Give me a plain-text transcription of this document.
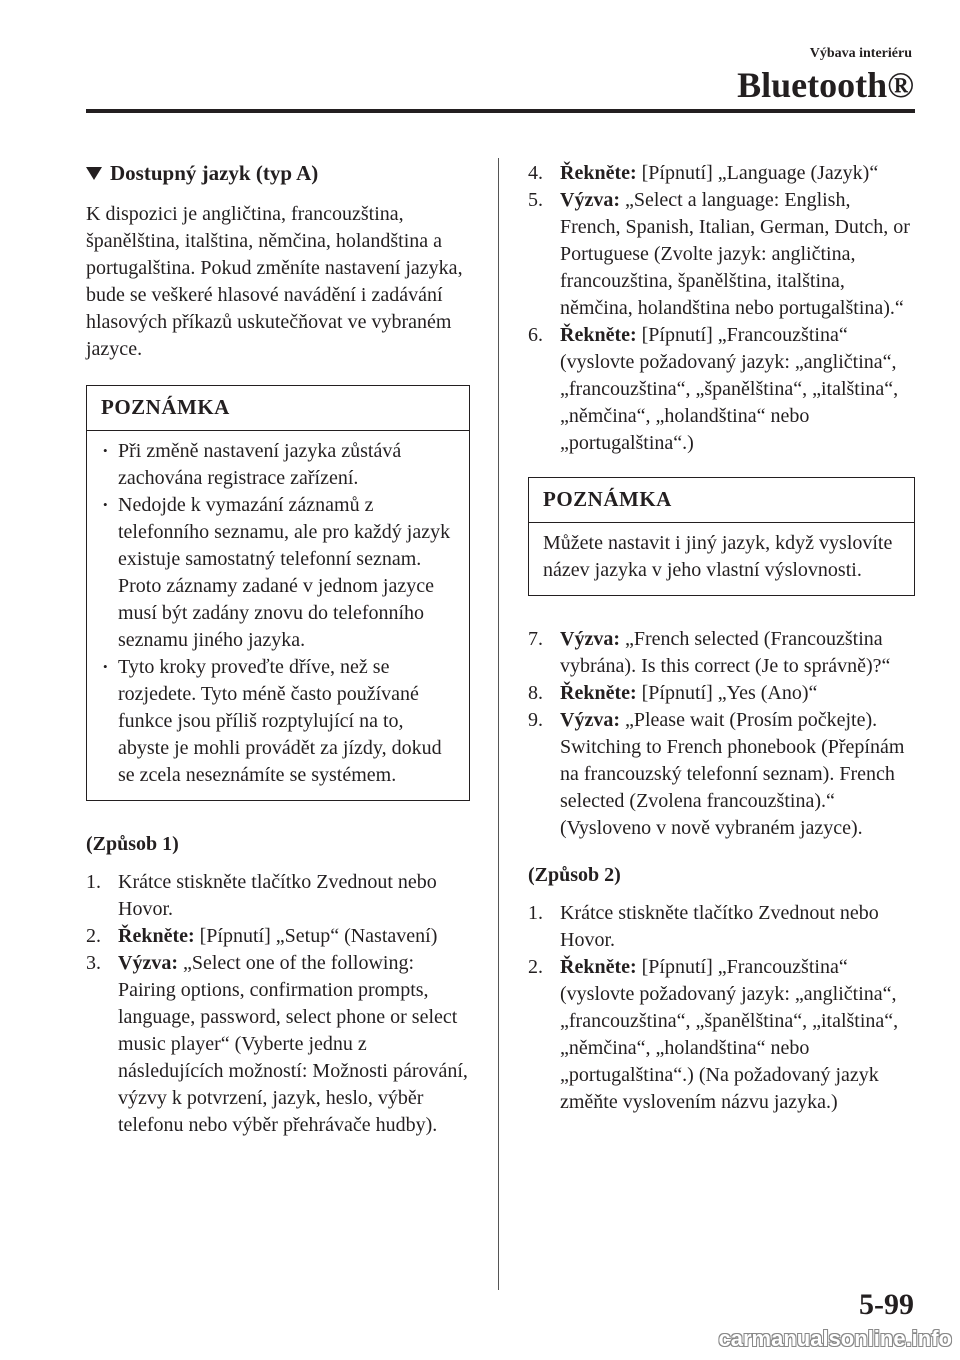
Výbava interiéru
Bluetooth®
Dostupný jazyk (typ A)

K dispozici je angličtina, francouzština, španělština, italština, němčina, holandština a portugalština. Pokud změníte nastavení jazyka, bude se veškeré hlasové navádění i zadávání hlasových příkazů uskutečňovat ve vybraném jazyce.

POZNÁMKA
• Při změně nastavení jazyka zůstává zachována registrace zařízení.
• Nedojde k vymazání záznamů z telefonního seznamu, ale pro každý jazyk existuje samostatný telefonní seznam. Proto záznamy zadané v jednom jazyce musí být zadány znovu do telefonního seznamu jiného jazyka.
• Tyto kroky proveďte dříve, než se rozjedete. Tyto méně často používané funkce jsou příliš rozptylující na to, abyste je mohli provádět za jízdy, dokud se zcela neseznámíte se systémem.
(Způsob 1)
1. Krátce stiskněte tlačítko Zvednout nebo Hovor.
2. Řekněte: [Pípnutí] „Setup“ (Nastavení)
3. Výzva: „Select one of the following: Pairing options, confirmation prompts, language, password, select phone or select music player“ (Vyberte jednu z následujících možností: Možnosti párování, výzvy k potvrzení, jazyk, heslo, výběr telefonu nebo výběr přehrávače hudby).
4. Řekněte: [Pípnutí] „Language (Jazyk)“
5. Výzva: „Select a language: English, French, Spanish, Italian, German, Dutch, or Portuguese (Zvolte jazyk: angličtina, francouzština, španělština, italština, němčina, holandština nebo portugalština).“
6. Řekněte: [Pípnutí] „Francouzština“ (vyslovte požadovaný jazyk: „angličtina“, „francouzština“, „španělština“, „italština“, „němčina“, „holandština“ nebo „portugalština“.)
POZNÁMKA
Můžete nastavit i jiný jazyk, když vyslovíte název jazyka v jeho vlastní výslovnosti.
7. Výzva: „French selected (Francouzština vybrána). Is this correct (Je to správně)?“
8. Řekněte: [Pípnutí] „Yes (Ano)“
9. Výzva: „Please wait (Prosím počkejte). Switching to French phonebook (Přepínám na francouzský telefonní seznam). French selected (Zvolena francouzština).“ (Vysloveno v nově vybraném jazyce).
(Způsob 2)
1. Krátce stiskněte tlačítko Zvednout nebo Hovor.
2. Řekněte: [Pípnutí] „Francouzština“ (vyslovte požadovaný jazyk: „angličtina“, „francouzština“, „španělština“, „italština“, „němčina“, „holandština“ nebo „portugalština“.) (Na požadovaný jazyk změňte vyslovením názvu jazyka.)
5-99
carmanualsonline.info
